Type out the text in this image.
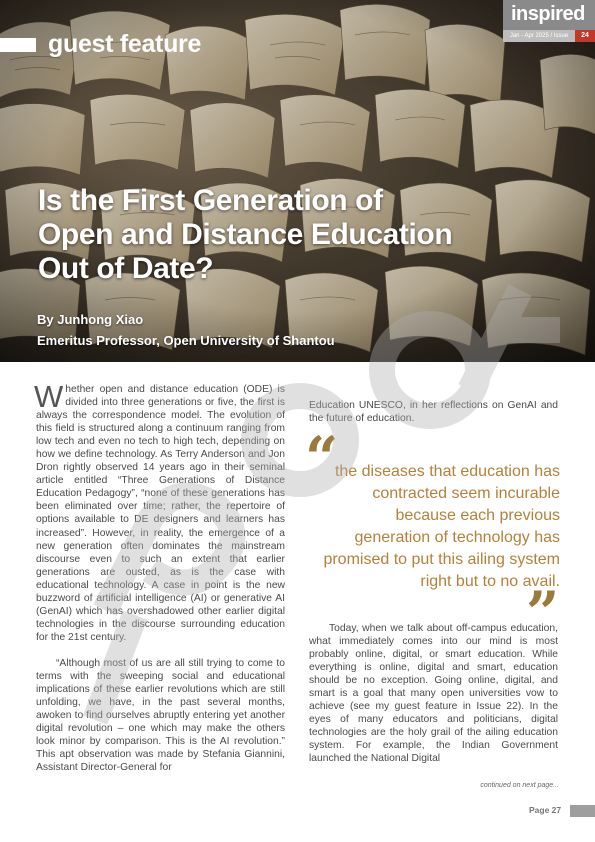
inspired
Jan - Apr 2025 / Issue	24
guest feature
Is the First Generation of
Open and Distance Education
Out of Date?
By Junhong Xiao
Emeritus Professor, Open University of Shantou

Whether open and distance education (ODE) is divided into three generations or five, the first is always the correspondence model. The evolution of this field is structured along a continuum ranging from low tech and even no tech to high tech, depending on how we define technology. As Terry Anderson and Jon Dron rightly observed 14 years ago in their seminal article entitled “Three Generations of Distance Education Pedagogy”, “none of these generations has been eliminated over time; rather, the repertoire of options available to DE designers and learners has increased”. However, in reality, the emergence of a new generation often dominates the mainstream discourse even to such an extent that earlier generations are ousted, as is the case with educational technology. A case in point is the new buzzword of artificial intelligence (AI) or generative AI (GenAI) which has overshadowed other earlier digital technologies in the discourse surrounding education for the 21st century.

“Although most of us are all still trying to come to terms with the sweeping social and educational implications of these earlier revolutions which are still unfolding, we have, in the past several months, awoken to find ourselves abruptly entering yet another digital revolution – one which may make the others look minor by comparison. This is the AI revolution.” This apt observation was made by Stefania Giannini, Assistant Director-General for

Education UNESCO, in her reflections on GenAI and the future of education.

“

the diseases that education has contracted seem incurable because each previous generation of technology has promised to put this ailing system right but to no avail.

”

Today, when we talk about off-campus education, what immediately comes into our mind is most probably online, digital, or smart education. While everything is online, digital and smart, education should be no exception. Going online, digital, and smart is a goal that many open universities vow to achieve (see my guest feature in Issue 22). In the eyes of many educators and politicians, digital technologies are the holy grail of the ailing education system. For example, the Indian Government launched the National Digital

continued on next page...
Page 27
